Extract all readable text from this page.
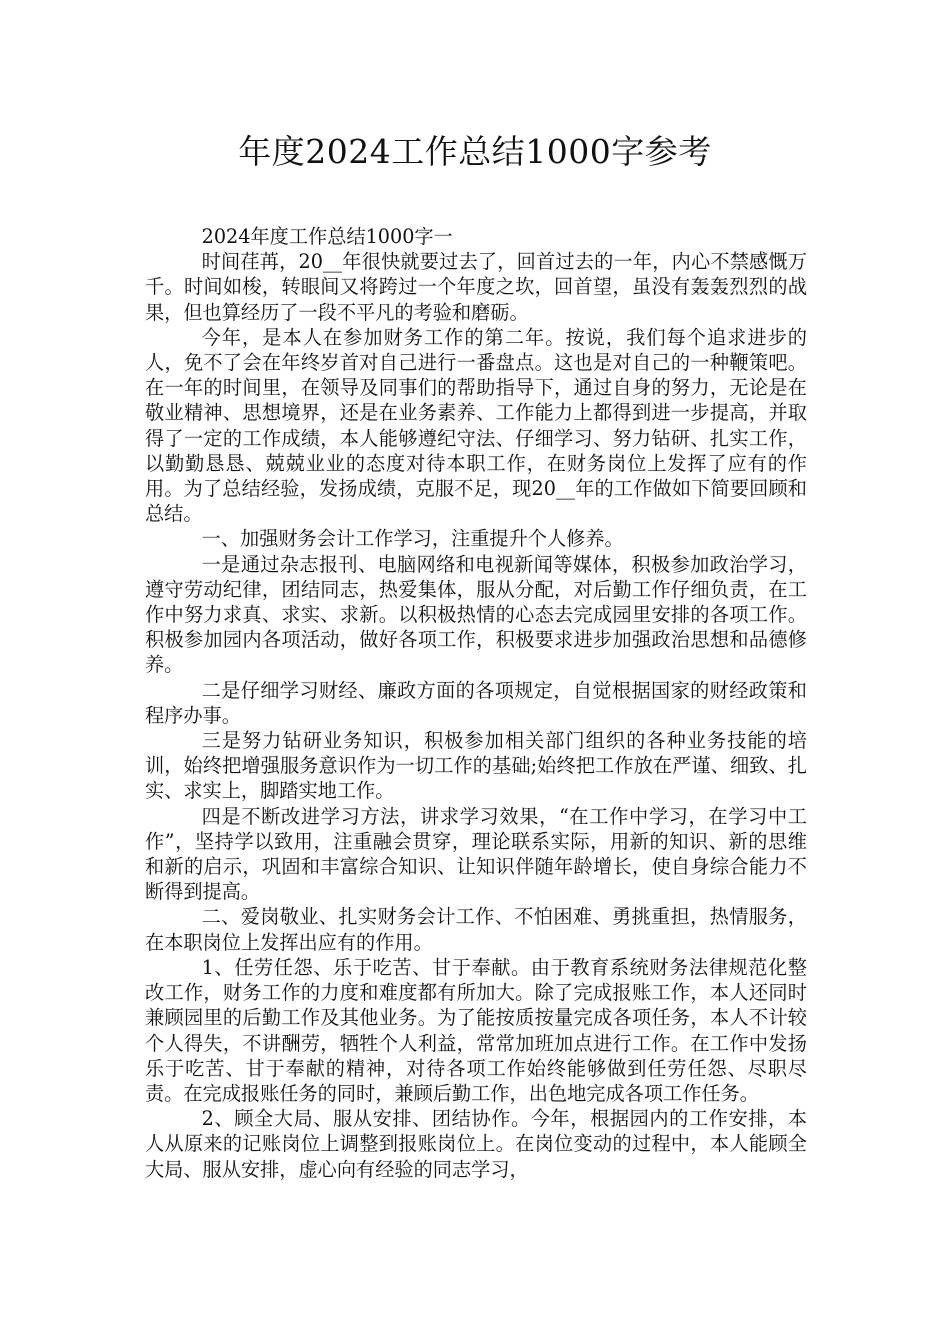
年度2024工作总结1000字参考

2024年度工作总结1000字一

时间荏苒，20__年很快就要过去了，回首过去的一年，内心不禁感慨万千。时间如梭，转眼间又将跨过一个年度之坎，回首望，虽没有轰轰烈烈的战果，但也算经历了一段不平凡的考验和磨砺。

今年，是本人在参加财务工作的第二年。按说，我们每个追求进步的人，免不了会在年终岁首对自己进行一番盘点。这也是对自己的一种鞭策吧。在一年的时间里，在领导及同事们的帮助指导下，通过自身的努力，无论是在敬业精神、思想境界，还是在业务素养、工作能力上都得到进一步提高，并取得了一定的工作成绩，本人能够遵纪守法、仔细学习、努力钻研、扎实工作，以勤勤恳恳、兢兢业业的态度对待本职工作，在财务岗位上发挥了应有的作用。为了总结经验，发扬成绩，克服不足，现20__年的工作做如下简要回顾和总结。

一、加强财务会计工作学习，注重提升个人修养。

一是通过杂志报刊、电脑网络和电视新闻等媒体，积极参加政治学习，遵守劳动纪律，团结同志，热爱集体，服从分配，对后勤工作仔细负责，在工作中努力求真、求实、求新。以积极热情的心态去完成园里安排的各项工作。积极参加园内各项活动，做好各项工作，积极要求进步加强政治思想和品德修养。

二是仔细学习财经、廉政方面的各项规定，自觉根据国家的财经政策和程序办事。

三是努力钻研业务知识，积极参加相关部门组织的各种业务技能的培训，始终把增强服务意识作为一切工作的基础;始终把工作放在严谨、细致、扎实、求实上，脚踏实地工作。

四是不断改进学习方法，讲求学习效果，“在工作中学习，在学习中工作”，坚持学以致用，注重融会贯穿，理论联系实际，用新的知识、新的思维和新的启示，巩固和丰富综合知识、让知识伴随年龄增长，使自身综合能力不断得到提高。

二、爱岗敬业、扎实财务会计工作、不怕困难、勇挑重担，热情服务，在本职岗位上发挥出应有的作用。

1、任劳任怨、乐于吃苦、甘于奉献。由于教育系统财务法律规范化整改工作，财务工作的力度和难度都有所加大。除了完成报账工作，本人还同时兼顾园里的后勤工作及其他业务。为了能按质按量完成各项任务，本人不计较个人得失，不讲酬劳，牺牲个人利益，常常加班加点进行工作。在工作中发扬乐于吃苦、甘于奉献的精神，对待各项工作始终能够做到任劳任怨、尽职尽责。在完成报账任务的同时，兼顾后勤工作，出色地完成各项工作任务。

2、顾全大局、服从安排、团结协作。今年，根据园内的工作安排，本人从原来的记账岗位上调整到报账岗位上。在岗位变动的过程中，本人能顾全大局、服从安排，虚心向有经验的同志学习，
